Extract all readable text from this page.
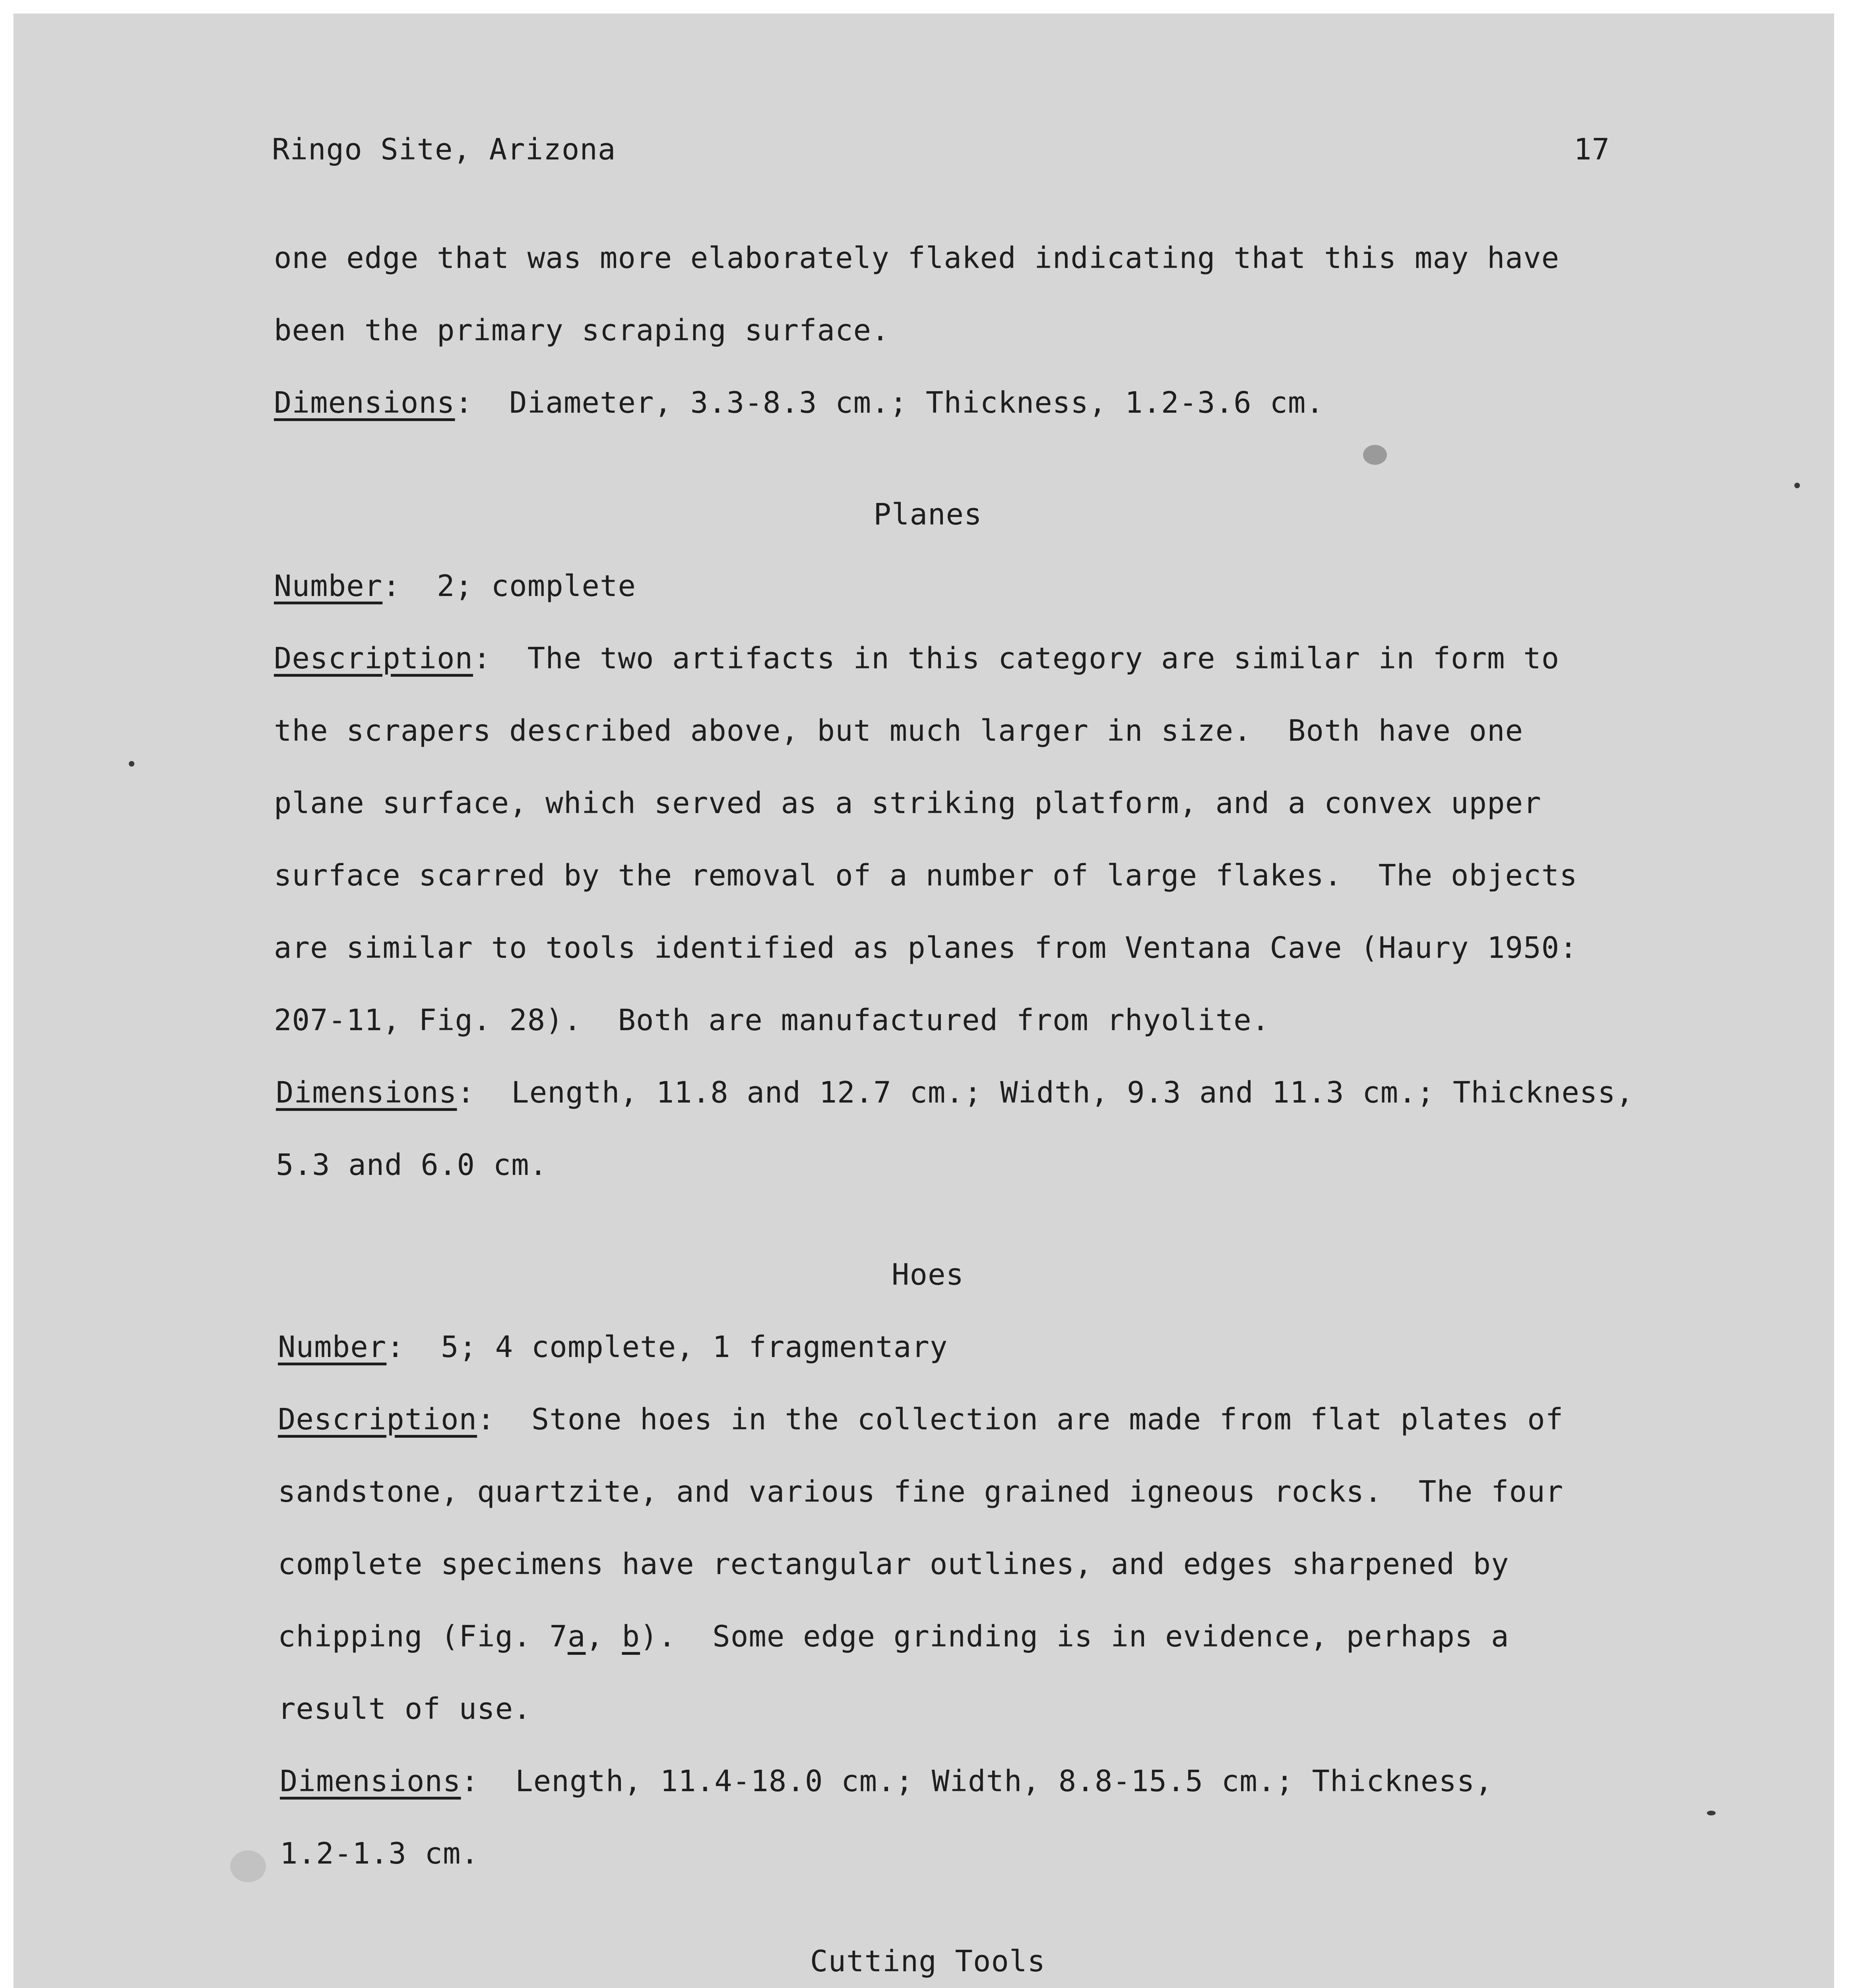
Ringo Site, Arizona	17
one edge that was more elaborately flaked indicating that this may have
been the primary scraping surface.
Dimensions:  Diameter, 3.3-8.3 cm.; Thickness, 1.2-3.6 cm.
Planes
Number:  2; complete
Description:  The two artifacts in this category are similar in form to
the scrapers described above, but much larger in size.  Both have one
plane surface, which served as a striking platform, and a convex upper
surface scarred by the removal of a number of large flakes.  The objects
are similar to tools identified as planes from Ventana Cave (Haury 1950:
207-11, Fig. 28).  Both are manufactured from rhyolite.
Dimensions:  Length, 11.8 and 12.7 cm.; Width, 9.3 and 11.3 cm.; Thickness,
5.3 and 6.0 cm.
Hoes
Number:  5; 4 complete, 1 fragmentary
Description:  Stone hoes in the collection are made from flat plates of
sandstone, quartzite, and various fine grained igneous rocks.  The four
complete specimens have rectangular outlines, and edges sharpened by
chipping (Fig. 7a, b).  Some edge grinding is in evidence, perhaps a
result of use.
Dimensions:  Length, 11.4-18.0 cm.; Width, 8.8-15.5 cm.; Thickness,
1.2-1.3 cm.
Cutting Tools
